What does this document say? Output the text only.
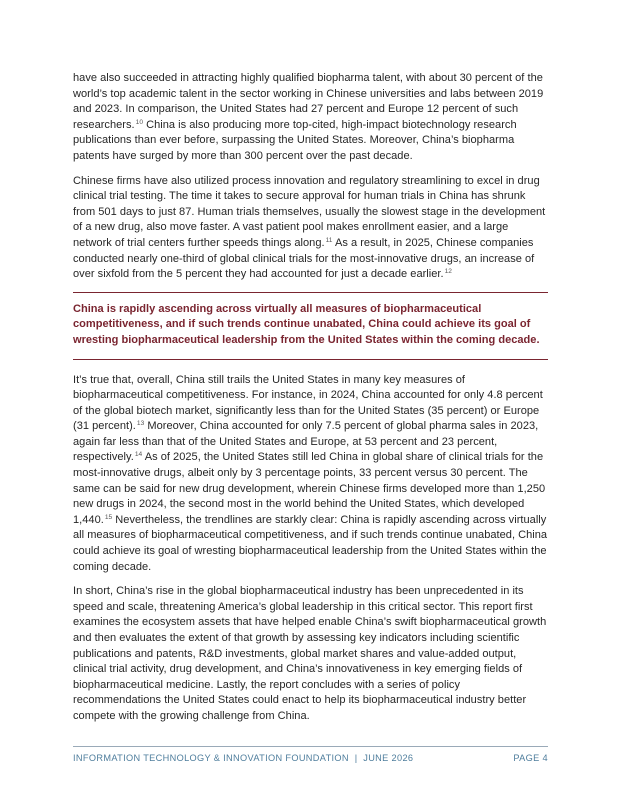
have also succeeded in attracting highly qualified biopharma talent, with about 30 percent of the world’s top academic talent in the sector working in Chinese universities and labs between 2019 and 2023. In comparison, the United States had 27 percent and Europe 12 percent of such researchers.$^{10}$ China is also producing more top-cited, high-impact biotechnology research publications than ever before, surpassing the United States. Moreover, China’s biopharma patents have surged by more than 300 percent over the past decade.

Chinese firms have also utilized process innovation and regulatory streamlining to excel in drug clinical trial testing. The time it takes to secure approval for human trials in China has shrunk from 501 days to just 87. Human trials themselves, usually the slowest stage in the development of a new drug, also move faster. A vast patient pool makes enrollment easier, and a large network of trial centers further speeds things along.$^{11}$ As a result, in 2025, Chinese companies conducted nearly one-third of global clinical trials for the most-innovative drugs, an increase of over sixfold from the 5 percent they had accounted for just a decade earlier.$^{12}$

China is rapidly ascending across virtually all measures of biopharmaceutical competitiveness, and if such trends continue unabated, China could achieve its goal of wresting biopharmaceutical leadership from the United States within the coming decade.

It’s true that, overall, China still trails the United States in many key measures of biopharmaceutical competitiveness. For instance, in 2024, China accounted for only 4.8 percent of the global biotech market, significantly less than for the United States (35 percent) or Europe (31 percent).$^{13}$ Moreover, China accounted for only 7.5 percent of global pharma sales in 2023, again far less than that of the United States and Europe, at 53 percent and 23 percent, respectively.$^{14}$ As of 2025, the United States still led China in global share of clinical trials for the most-innovative drugs, albeit only by 3 percentage points, 33 percent versus 30 percent. The same can be said for new drug development, wherein Chinese firms developed more than 1,250 new drugs in 2024, the second most in the world behind the United States, which developed 1,440.15 Nevertheless, the trendlines are starkly clear: China is rapidly ascending across virtually all measures of biopharmaceutical competitiveness, and if such trends continue unabated, China could achieve its goal of wresting biopharmaceutical leadership from the United States within the coming decade.

In short, China’s rise in the global biopharmaceutical industry has been unprecedented in its speed and scale, threatening America’s global leadership in this critical sector. This report first examines the ecosystem assets that have helped enable China’s swift biopharmaceutical growth and then evaluates the extent of that growth by assessing key indicators including scientific publications and patents, R&D investments, global market shares and value-added output, clinical trial activity, drug development, and China’s innovativeness in key emerging fields of biopharmaceutical medicine. Lastly, the report concludes with a series of policy recommendations the United States could enact to help its biopharmaceutical industry better compete with the growing challenge from China.

INFORMATION TECHNOLOGY & INNOVATION FOUNDATION  |  JUNE 2026	PAGE 4
